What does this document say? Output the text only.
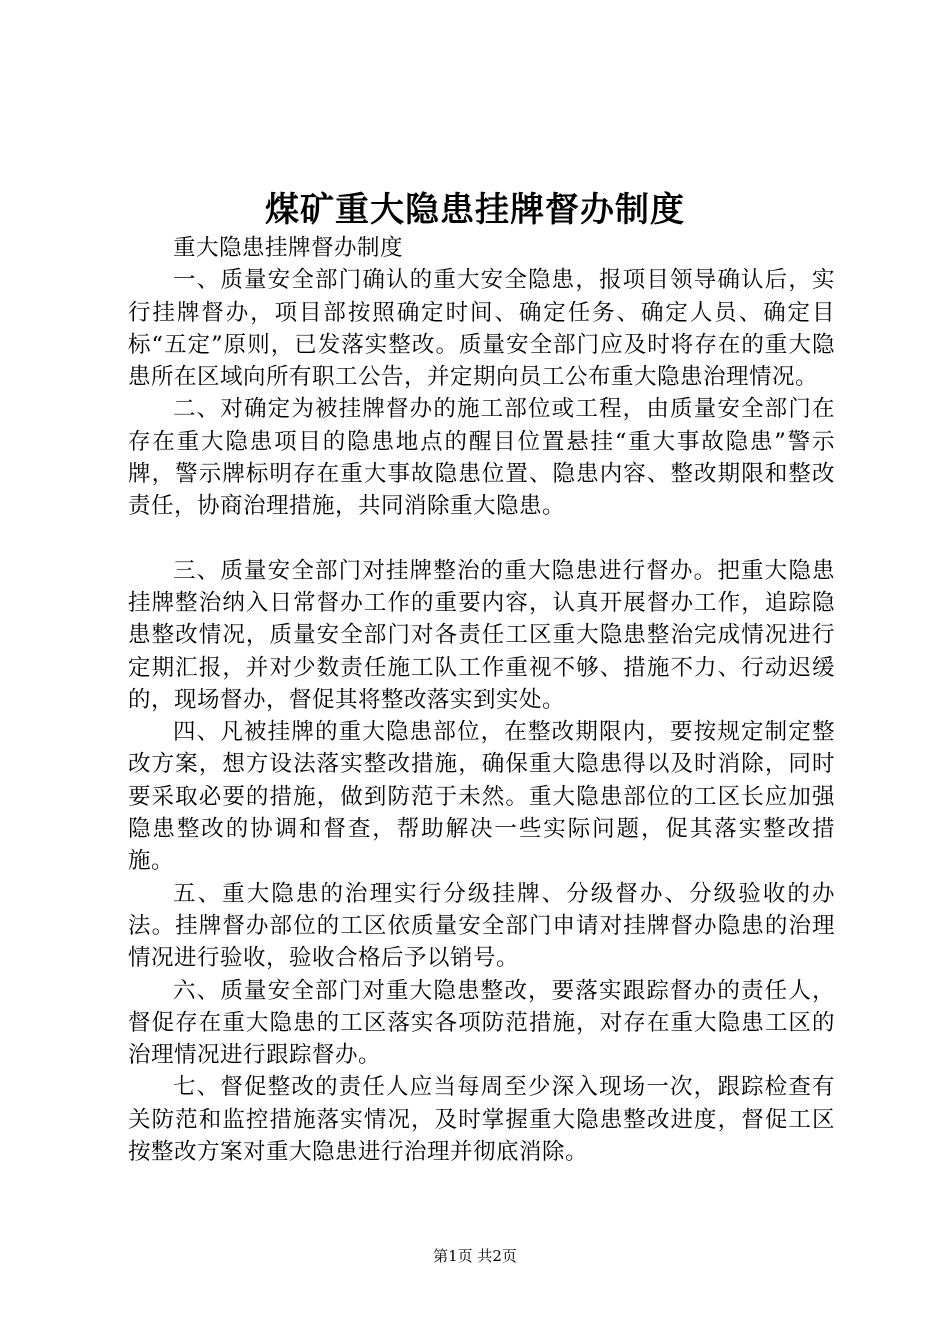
煤矿重大隐患挂牌督办制度

重大隐患挂牌督办制度

一、质量安全部门确认的重大安全隐患，报项目领导确认后，实行挂牌督办，项目部按照确定时间、确定任务、确定人员、确定目标“五定”原则，已发落实整改。质量安全部门应及时将存在的重大隐患所在区域向所有职工公告，并定期向员工公布重大隐患治理情况。

二、对确定为被挂牌督办的施工部位或工程，由质量安全部门在存在重大隐患项目的隐患地点的醒目位置悬挂“重大事故隐患”警示牌，警示牌标明存在重大事故隐患位置、隐患内容、整改期限和整改责任，协商治理措施，共同消除重大隐患。

三、质量安全部门对挂牌整治的重大隐患进行督办。把重大隐患挂牌整治纳入日常督办工作的重要内容，认真开展督办工作，追踪隐患整改情况，质量安全部门对各责任工区重大隐患整治完成情况进行定期汇报，并对少数责任施工队工作重视不够、措施不力、行动迟缓的，现场督办，督促其将整改落实到实处。

四、凡被挂牌的重大隐患部位，在整改期限内，要按规定制定整改方案，想方设法落实整改措施，确保重大隐患得以及时消除，同时要采取必要的措施，做到防范于未然。重大隐患部位的工区长应加强隐患整改的协调和督查，帮助解决一些实际问题，促其落实整改措施。

五、重大隐患的治理实行分级挂牌、分级督办、分级验收的办法。挂牌督办部位的工区依质量安全部门申请对挂牌督办隐患的治理情况进行验收，验收合格后予以销号。

六、质量安全部门对重大隐患整改，要落实跟踪督办的责任人，督促存在重大隐患的工区落实各项防范措施，对存在重大隐患工区的治理情况进行跟踪督办。

七、督促整改的责任人应当每周至少深入现场一次，跟踪检查有关防范和监控措施落实情况，及时掌握重大隐患整改进度，督促工区按整改方案对重大隐患进行治理并彻底消除。

第1页 共2页
